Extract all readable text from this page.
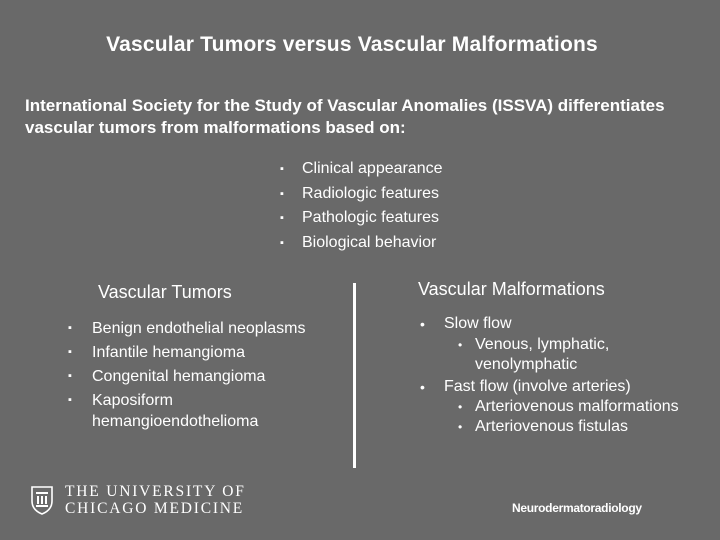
Vascular Tumors versus Vascular Malformations
International Society for the Study of Vascular Anomalies (ISSVA) differentiates vascular tumors from malformations based on:
▪ Clinical appearance
▪ Radiologic features
▪ Pathologic features
▪ Biological behavior
Vascular Tumors	Vascular Malformations
▪ Benign endothelial neoplasms
▪ Infantile hemangioma
▪ Congenital hemangioma
▪ Kaposiform hemangioendothelioma
• Slow flow
• Venous, lymphatic, venolymphatic
• Fast flow (involve arteries)
• Arteriovenous malformations
• Arteriovenous fistulas
THE UNIVERSITY OF
CHICAGO MEDICINE	Neurodermatoradiology
